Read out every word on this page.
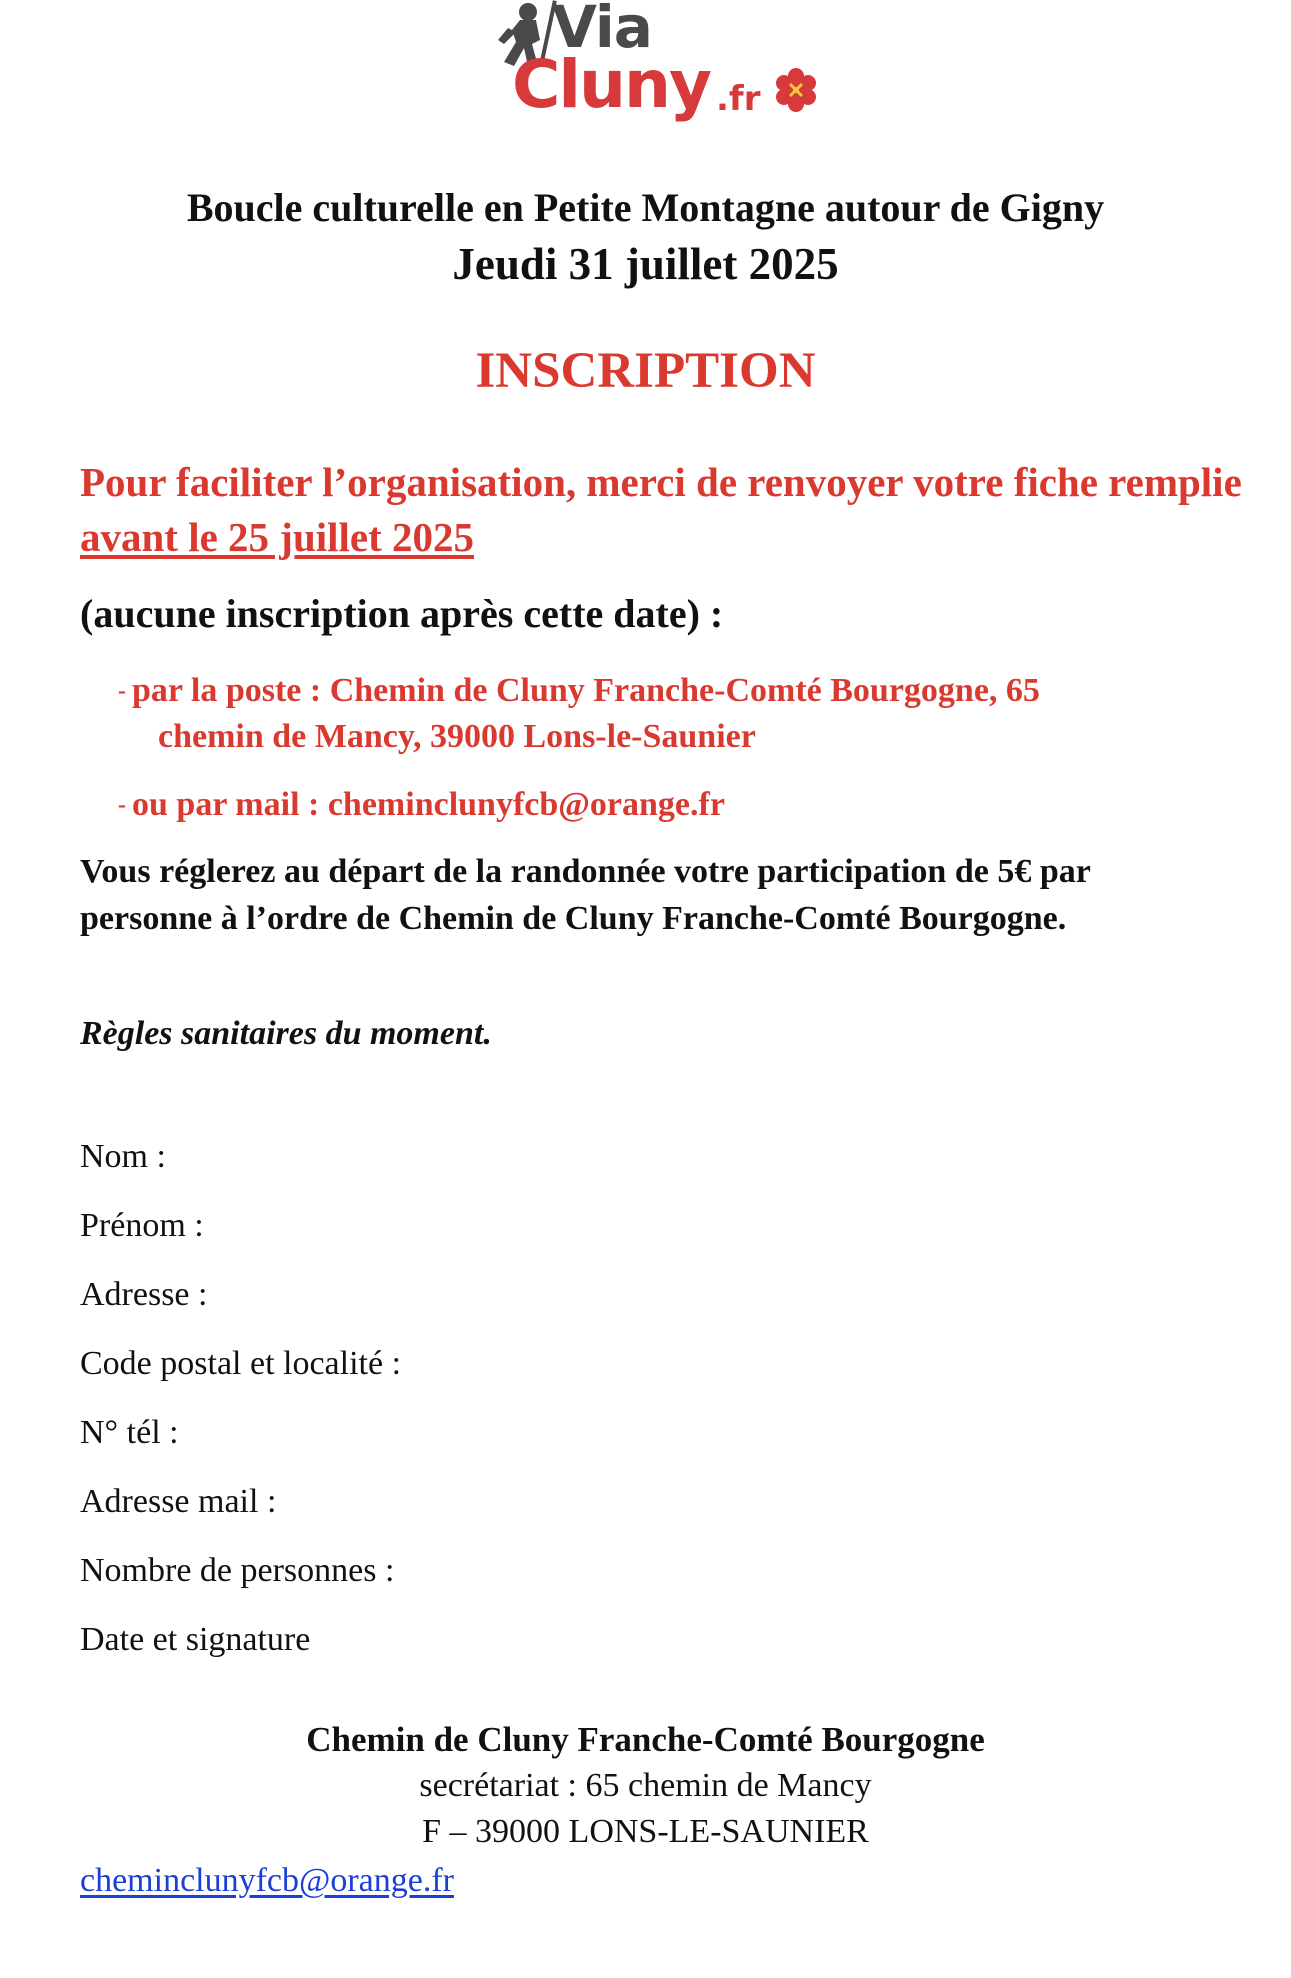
Via
Cluny .fr
Boucle culturelle en Petite Montagne autour de Gigny
Jeudi 31 juillet 2025
INSCRIPTION
Pour faciliter l’organisation, merci de renvoyer votre fiche remplie avant le 25 juillet 2025
(aucune inscription après cette date) :
- par la poste : Chemin de Cluny Franche-Comté Bourgogne, 65
chemin de Mancy, 39000 Lons-le-Saunier
- ou par mail : cheminclunyfcb@orange.fr
Vous réglerez au départ de la randonnée votre participation de 5€ par personne à l’ordre de Chemin de Cluny Franche-Comté Bourgogne.
Règles sanitaires du moment.
Nom :
Prénom :
Adresse :
Code postal et localité :
N° tél :
Adresse mail :
Nombre de personnes :
Date et signature
Chemin de Cluny Franche-Comté Bourgogne
secrétariat : 65 chemin de Mancy
F – 39000 LONS-LE-SAUNIER
cheminclunyfcb@orange.fr
